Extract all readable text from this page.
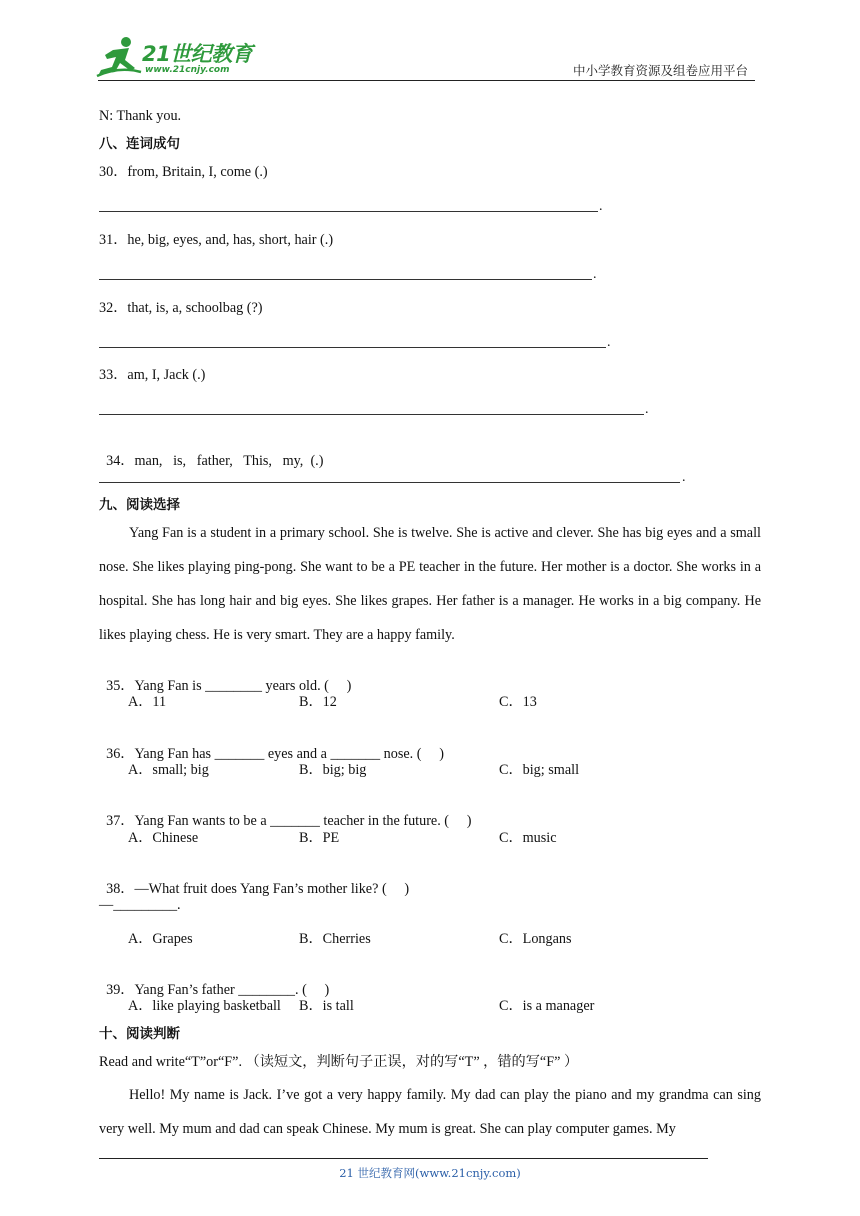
21世纪教育
www.21cnjy.com	中小学教育资源及组卷应用平台
N: Thank you.
八、连词成句
30．from, Britain, I, come (.)
.
31．he, big, eyes, and, has, short, hair (.)
.
32．that, is, a, schoolbag (?)
.
33．am, I, Jack (.)
.

34．man,   is,   father,   This,   my,  (.)

.
九、阅读选择
Yang Fan is a student in a primary school. She is twelve. She is active and clever. She has big eyes and a small nose. She likes playing ping-pong. She want to be a PE teacher in the future. Her mother is a doctor. She works in a hospital. She has long hair and big eyes. She likes grapes. Her father is a manager. He works in a big company. He likes playing chess. He is very smart. They are a happy family.

35．Yang Fan is ________ years old. (     )

A．11	B．12	C．13

36．Yang Fan has _______ eyes and a _______ nose. (     )

A．small; big	B．big; big	C．big; small

37．Yang Fan wants to be a _______ teacher in the future. (     )

A．Chinese	B．PE	C．music

38．—What fruit does Yang Fan’s mother like? (     )

—_________.
A．Grapes	B．Cherries	C．Longans

39．Yang Fan’s father ________. (     )

A．like playing basketball B．is tall	C．is a manager
十、阅读判断
Read and write“T”or“F”. （读短文，判断句子正误，对的写“T” ，错的写“F” ）
Hello! My name is Jack. I’ve got a very happy family. My dad can play the piano and my grandma can sing very well. My mum and dad can speak Chinese. My mum is great. She can play computer games. My
21 世纪教育网(www.21cnjy.com)
